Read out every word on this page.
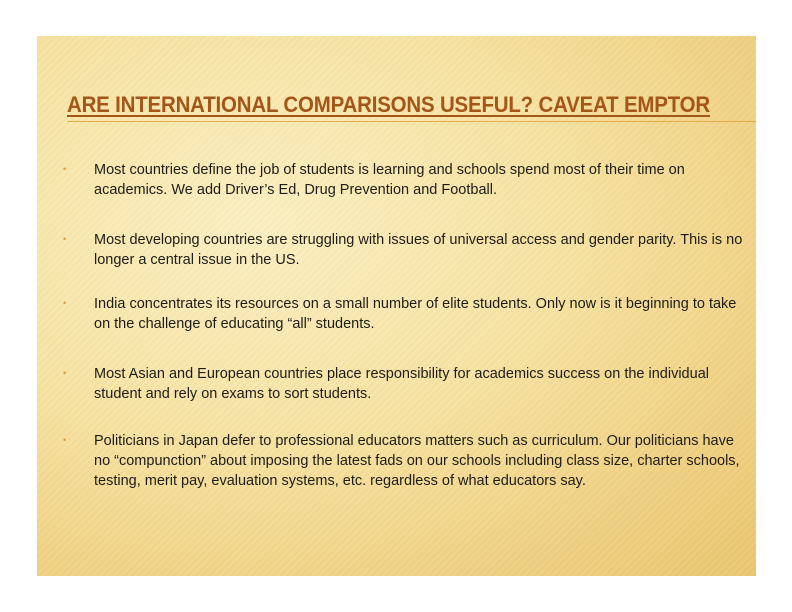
ARE INTERNATIONAL COMPARISONS USEFUL? CAVEAT EMPTOR
• Most countries define the job of students is learning and schools spend most of their time on academics. We add Driver’s Ed, Drug Prevention and Football.
• Most developing countries are struggling with issues of universal access and gender parity. This is no longer a central issue in the US.
• India concentrates its resources on a small number of elite students. Only now is it beginning to take on the challenge of educating “all” students.
• Most Asian and European countries place responsibility for academics success on the individual student and rely on exams to sort students.
• Politicians in Japan defer to professional educators matters such as curriculum. Our politicians have no “compunction” about imposing the latest fads on our schools including class size, charter schools, testing, merit pay, evaluation systems, etc. regardless of what educators say.
